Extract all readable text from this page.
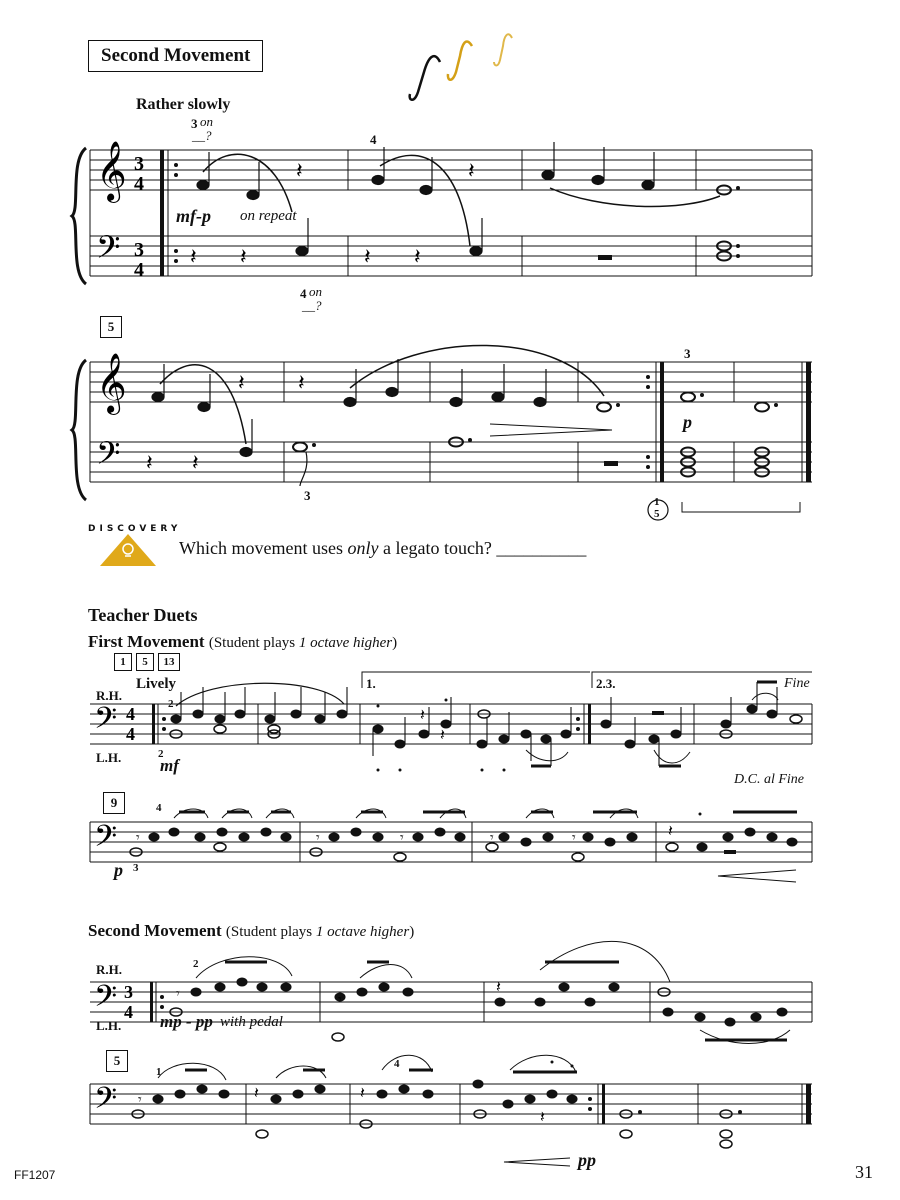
Second Movement
Rather slowly
3 on
__?	4
𝄞
𝄢
3
4
3
4
𝄽	𝄽
𝄽 𝄽	𝄽 𝄽
mf-p on repeat
4 on
__?
5
3
𝄞
𝄢
𝄽 𝄽
𝄽 𝄽
3
p
1
5
DISCOVERY
Which movement uses only a legato touch? __________
Teacher Duets
First Movement (Student plays 1 octave higher)
1	5	13
Lively
R.H.
L.H.
2
2
mf
1.	2.3.	Fine
𝄢 4
4
𝄽
𝄽
9
D.C. al Fine
4
p 3
𝄢 𝄾	𝄾	𝄾	𝄾	𝄾	𝄽
Second Movement (Student plays 1 octave higher)
R.H.
L.H.
2
mp - pp with pedal
𝄢 3
4
𝄾	𝄾
𝄽
5
1
4
pp
𝄢 𝄾	𝄽	𝄽
𝄽
FF1207	31
